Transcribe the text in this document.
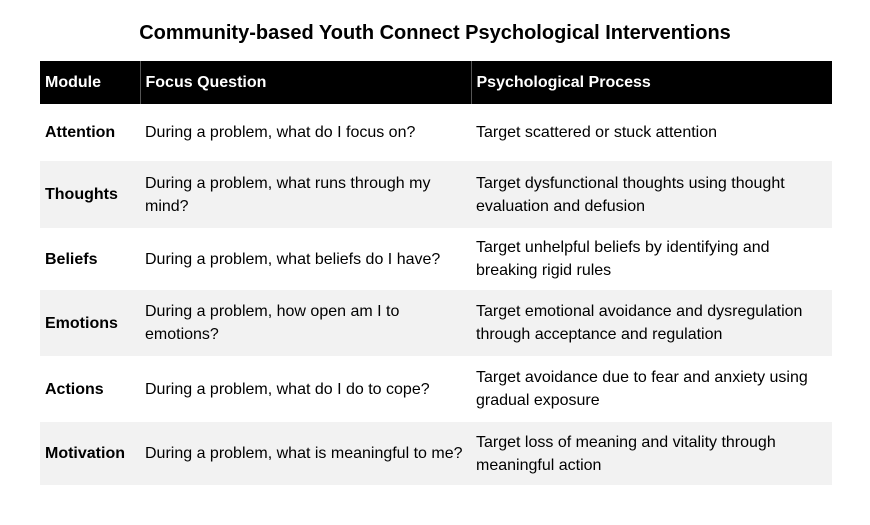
Community-based Youth Connect Psychological Interventions
Module	Focus Question	Psychological Process
Attention	During a problem, what do I focus on?	Target scattered or stuck attention
Thoughts	During a problem, what runs through my mind?	Target dysfunctional thoughts using thought evaluation and defusion
Beliefs	During a problem, what beliefs do I have?	Target unhelpful beliefs by identifying and breaking rigid rules
Emotions	During a problem, how open am I to emotions?	Target emotional avoidance and dysregulation through acceptance and regulation
Actions	During a problem, what do I do to cope?	Target avoidance due to fear and anxiety using gradual exposure
Motivation	During a problem, what is meaningful to me?	Target loss of meaning and vitality through meaningful action
